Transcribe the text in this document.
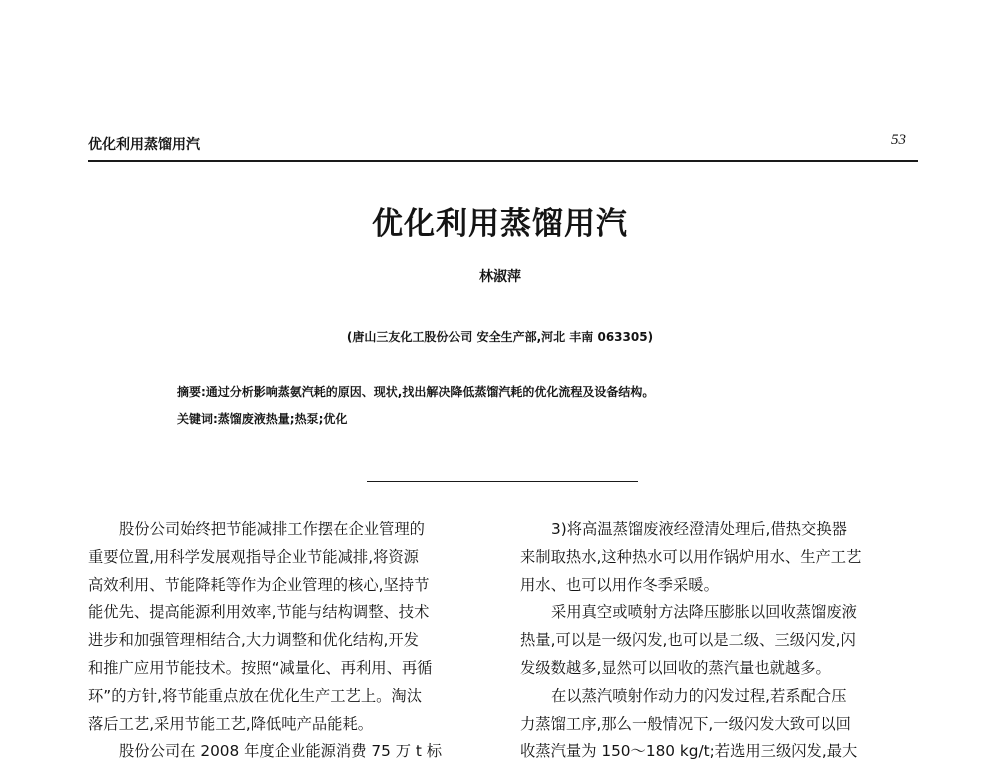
优化利用蒸馏用汽	53
优化利用蒸馏用汽
林淑萍
(唐山三友化工股份公司 安全生产部,河北 丰南 063305)
摘要:通过分析影响蒸氨汽耗的原因、现状,找出解决降低蒸馏汽耗的优化流程及设备结构。
关键词:蒸馏废液热量;热泵;优化
股份公司始终把节能减排工作摆在企业管理的
重要位置,用科学发展观指导企业节能减排,将资源
高效利用、节能降耗等作为企业管理的核心,坚持节
能优先、提高能源利用效率,节能与结构调整、技术
进步和加强管理相结合,大力调整和优化结构,开发
和推广应用节能技术。按照“减量化、再利用、再循
环”的方针,将节能重点放在优化生产工艺上。淘汰
落后工艺,采用节能工艺,降低吨产品能耗。
股份公司在 2008 年度企业能源消费 75 万 t 标
3)将高温蒸馏废液经澄清处理后,借热交换器
来制取热水,这种热水可以用作锅炉用水、生产工艺
用水、也可以用作冬季采暖。
采用真空或喷射方法降压膨胀以回收蒸馏废液
热量,可以是一级闪发,也可以是二级、三级闪发,闪
发级数越多,显然可以回收的蒸汽量也就越多。
在以蒸汽喷射作动力的闪发过程,若系配合压
力蒸馏工序,那么一般情况下,一级闪发大致可以回
收蒸汽量为 150～180 kg/t;若选用三级闪发,最大
